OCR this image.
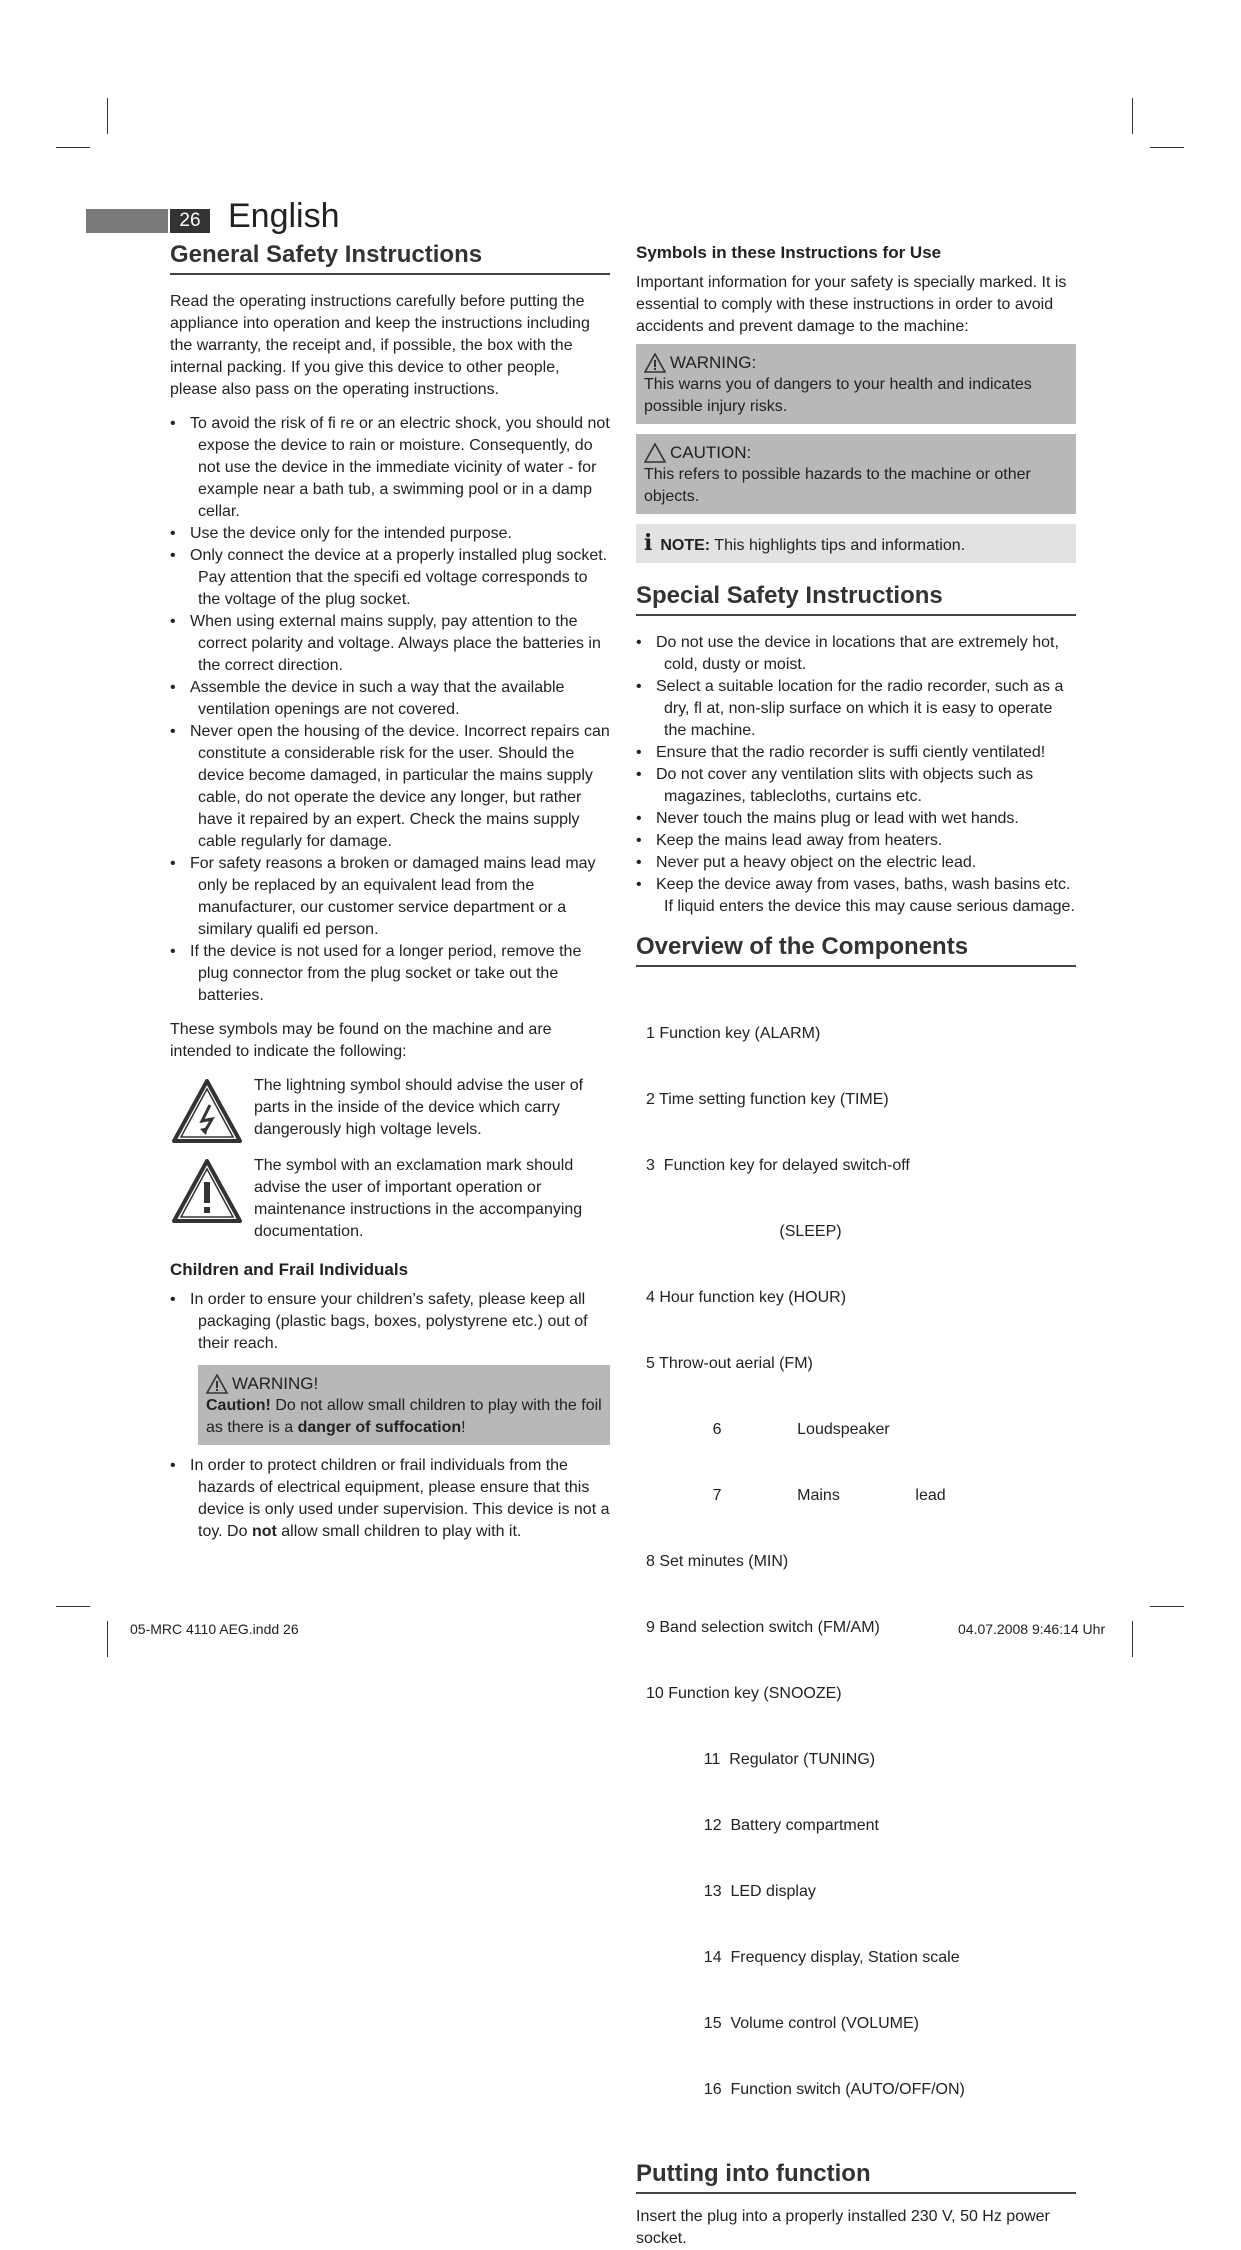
26 English
General Safety Instructions

Read the operating instructions carefully before putting the appliance into operation and keep the instructions including the warranty, the receipt and, if possible, the box with the internal packing. If you give this device to other people, please also pass on the operating instructions.

• To avoid the risk of fi re or an electric shock, you should not expose the device to rain or moisture. Consequently, do not use the device in the immediate vicinity of water - for example near a bath tub, a swimming pool or in a damp cellar.
• Use the device only for the intended purpose.
• Only connect the device at a properly installed plug socket. Pay attention that the specifi ed voltage corresponds to the voltage of the plug socket.
• When using external mains supply, pay attention to the correct polarity and voltage. Always place the batteries in the correct direction.
• Assemble the device in such a way that the available ventilation openings are not covered.
• Never open the housing of the device. Incorrect repairs can constitute a considerable risk for the user. Should the device become damaged, in particular the mains supply cable, do not operate the device any longer, but rather have it repaired by an expert. Check the mains supply cable regularly for damage.
• For safety reasons a broken or damaged mains lead may only be replaced by an equivalent lead from the manufacturer, our customer service department or a similary qualifi ed person.
• If the device is not used for a longer period, remove the plug connector from the plug socket or take out the batteries.

These symbols may be found on the machine and are intended to indicate the following:

The lightning symbol should advise the user of parts in the inside of the device which carry dangerously high voltage levels.
The symbol with an exclamation mark should advise the user of important operation or maintenance instructions in the accompanying documentation.
Children and Frail Individuals
• In order to ensure your children’s safety, please keep all packaging (plastic bags, boxes, polystyrene etc.) out of their reach.
WARNING!

Caution! Do not allow small children to play with the foil as there is a danger of suffocation!

• In order to protect children or frail individuals from the hazards of electrical equipment, please ensure that this device is only used under supervision. This device is not a toy. Do not allow small children to play with it.
Symbols in these Instructions for Use

Important information for your safety is specially marked. It is essential to comply with these instructions in order to avoid accidents and prevent damage to the machine:

WARNING:

This warns you of dangers to your health and indicates possible injury risks.

CAUTION:

This refers to possible hazards to the machine or other objects.

i NOTE: This highlights tips and information.

Special Safety Instructions
• Do not use the device in locations that are extremely hot, cold, dusty or moist.
• Select a suitable location for the radio recorder, such as a dry, fl at, non-slip surface on which it is easy to operate the machine.
• Ensure that the radio recorder is suffi ciently ventilated!
• Do not cover any ventilation slits with objects such as magazines, tablecloths, curtains etc.
• Never touch the mains plug or lead with wet hands.
• Keep the mains lead away from heaters.
• Never put a heavy object on the electric lead.
• Keep the device away from vases, baths, wash basins etc. If liquid enters the device this may cause serious damage.
Overview of the Components

1 Function key (ALARM)

2 Time setting function key (TIME)

3  Function key for delayed switch-off

(SLEEP)

4 Hour function key (HOUR)

5 Throw-out aerial (FM)

6                 Loudspeaker

7                 Mains                 lead

8 Set minutes (MIN)

9 Band selection switch (FM/AM)

10 Function key (SNOOZE)

11  Regulator (TUNING)

12  Battery compartment

13  LED display

14  Frequency display, Station scale

15  Volume control (VOLUME)

16  Function switch (AUTO/OFF/ON)

Putting into function

Insert the plug into a properly installed 230 V, 50 Hz power socket.

05-MRC 4110 AEG.indd 26	04.07.2008 9:46:14 Uhr
